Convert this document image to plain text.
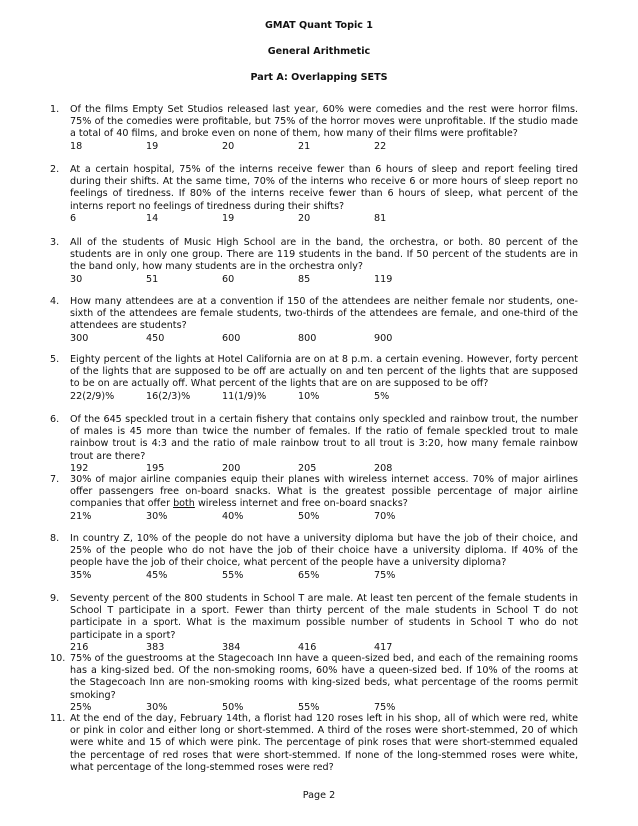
GMAT Quant Topic 1
General Arithmetic
Part A: Overlapping SETS
1.	Of the films Empty Set Studios released last year, 60% were comedies and the rest were horror films. 75% of the comedies were profitable, but 75% of the horror moves were unprofitable. If the studio made a total of 40 films, and broke even on none of them, how many of their films were profitable?
18	19	20	21	22
2.	At a certain hospital, 75% of the interns receive fewer than 6 hours of sleep and report feeling tired during their shifts. At the same time, 70% of the interns who receive 6 or more hours of sleep report no feelings of tiredness. If 80% of the interns receive fewer than 6 hours of sleep, what percent of the interns report no feelings of tiredness during their shifts?
6	14	19	20	81
3.	All of the students of Music High School are in the band, the orchestra, or both. 80 percent of the students are in only one group. There are 119 students in the band. If 50 percent of the students are in the band only, how many students are in the orchestra only?
30	51	60	85	119
4.	How many attendees are at a convention if 150 of the attendees are neither female nor students, one-sixth of the attendees are female students, two-thirds of the attendees are female, and one-third of the attendees are students?
300	450	600	800	900
5.	Eighty percent of the lights at Hotel California are on at 8 p.m. a certain evening. However, forty percent of the lights that are supposed to be off are actually on and ten percent of the lights that are supposed to be on are actually off. What percent of the lights that are on are supposed to be off?
22(2/9)%	16(2/3)%	11(1/9)%	10%	5%
6.	Of the 645 speckled trout in a certain fishery that contains only speckled and rainbow trout, the number of males is 45 more than twice the number of females. If the ratio of female speckled trout to male rainbow trout is 4:3 and the ratio of male rainbow trout to all trout is 3:20, how many female rainbow trout are there?
192	195	200	205	208
7.	30% of major airline companies equip their planes with wireless internet access. 70% of major airlines offer passengers free on-board snacks. What is the greatest possible percentage of major airline companies that offer both wireless internet and free on-board snacks?
21%	30%	40%	50%	70%
8.	In country Z, 10% of the people do not have a university diploma but have the job of their choice, and 25% of the people who do not have the job of their choice have a university diploma. If 40% of the people have the job of their choice, what percent of the people have a university diploma?
35%	45%	55%	65%	75%
9.	Seventy percent of the 800 students in School T are male. At least ten percent of the female students in School T participate in a sport. Fewer than thirty percent of the male students in School T do not participate in a sport. What is the maximum possible number of students in School T who do not participate in a sport?
216	383	384	416	417
10. 75% of the guestrooms at the Stagecoach Inn have a queen-sized bed, and each of the remaining rooms has a king-sized bed. Of the non-smoking rooms, 60% have a queen-sized bed. If 10% of the rooms at the Stagecoach Inn are non-smoking rooms with king-sized beds, what percentage of the rooms permit smoking?
25%	30%	50%	55%	75%
11. At the end of the day, February 14th, a florist had 120 roses left in his shop, all of which were red, white or pink in color and either long or short-stemmed. A third of the roses were short-stemmed, 20 of which were white and 15 of which were pink. The percentage of pink roses that were short-stemmed equaled the percentage of red roses that were short-stemmed. If none of the long-stemmed roses were white, what percentage of the long-stemmed roses were red?
Page 2
